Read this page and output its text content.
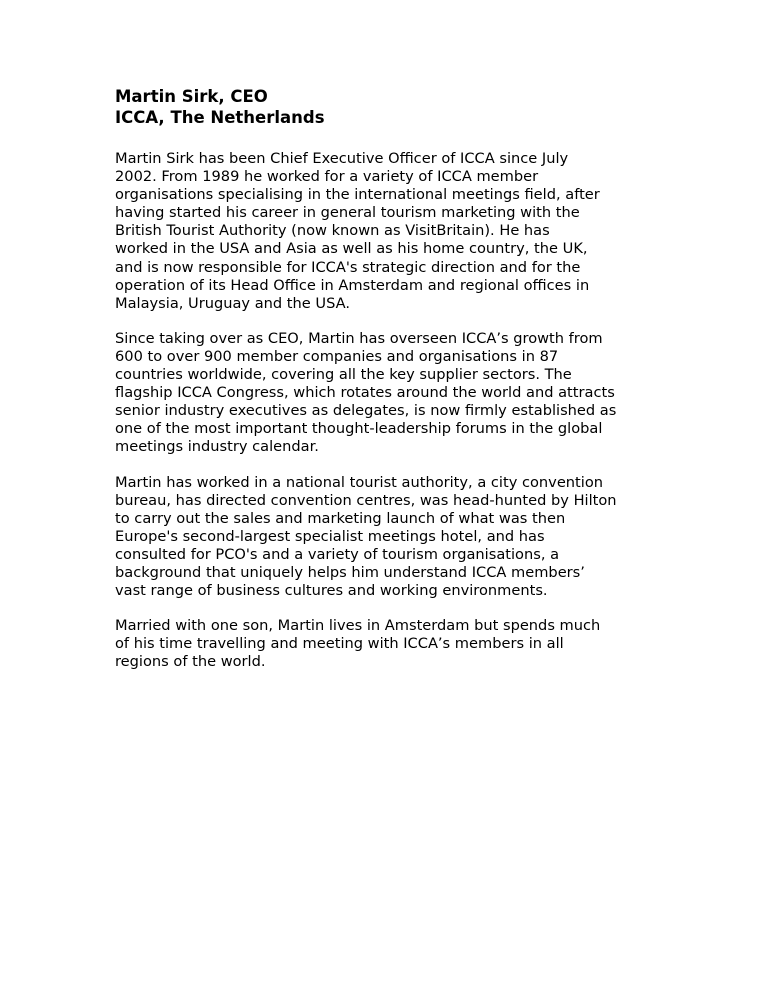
Martin Sirk, CEO
ICCA, The Netherlands

Martin Sirk has been Chief Executive Officer of ICCA since July
2002. From 1989 he worked for a variety of ICCA member
organisations specialising in the international meetings field, after
having started his career in general tourism marketing with the
British Tourist Authority (now known as VisitBritain). He has
worked in the USA and Asia as well as his home country, the UK,
and is now responsible for ICCA's strategic direction and for the
operation of its Head Office in Amsterdam and regional offices in
Malaysia, Uruguay and the USA.

Since taking over as CEO, Martin has overseen ICCA’s growth from
600 to over 900 member companies and organisations in 87
countries worldwide, covering all the key supplier sectors. The
flagship ICCA Congress, which rotates around the world and attracts
senior industry executives as delegates, is now firmly established as
one of the most important thought-leadership forums in the global
meetings industry calendar.

Martin has worked in a national tourist authority, a city convention
bureau, has directed convention centres, was head-hunted by Hilton
to carry out the sales and marketing launch of what was then
Europe's second-largest specialist meetings hotel, and has
consulted for PCO's and a variety of tourism organisations, a
background that uniquely helps him understand ICCA members’
vast range of business cultures and working environments.

Married with one son, Martin lives in Amsterdam but spends much
of his time travelling and meeting with ICCA’s members in all
regions of the world.
